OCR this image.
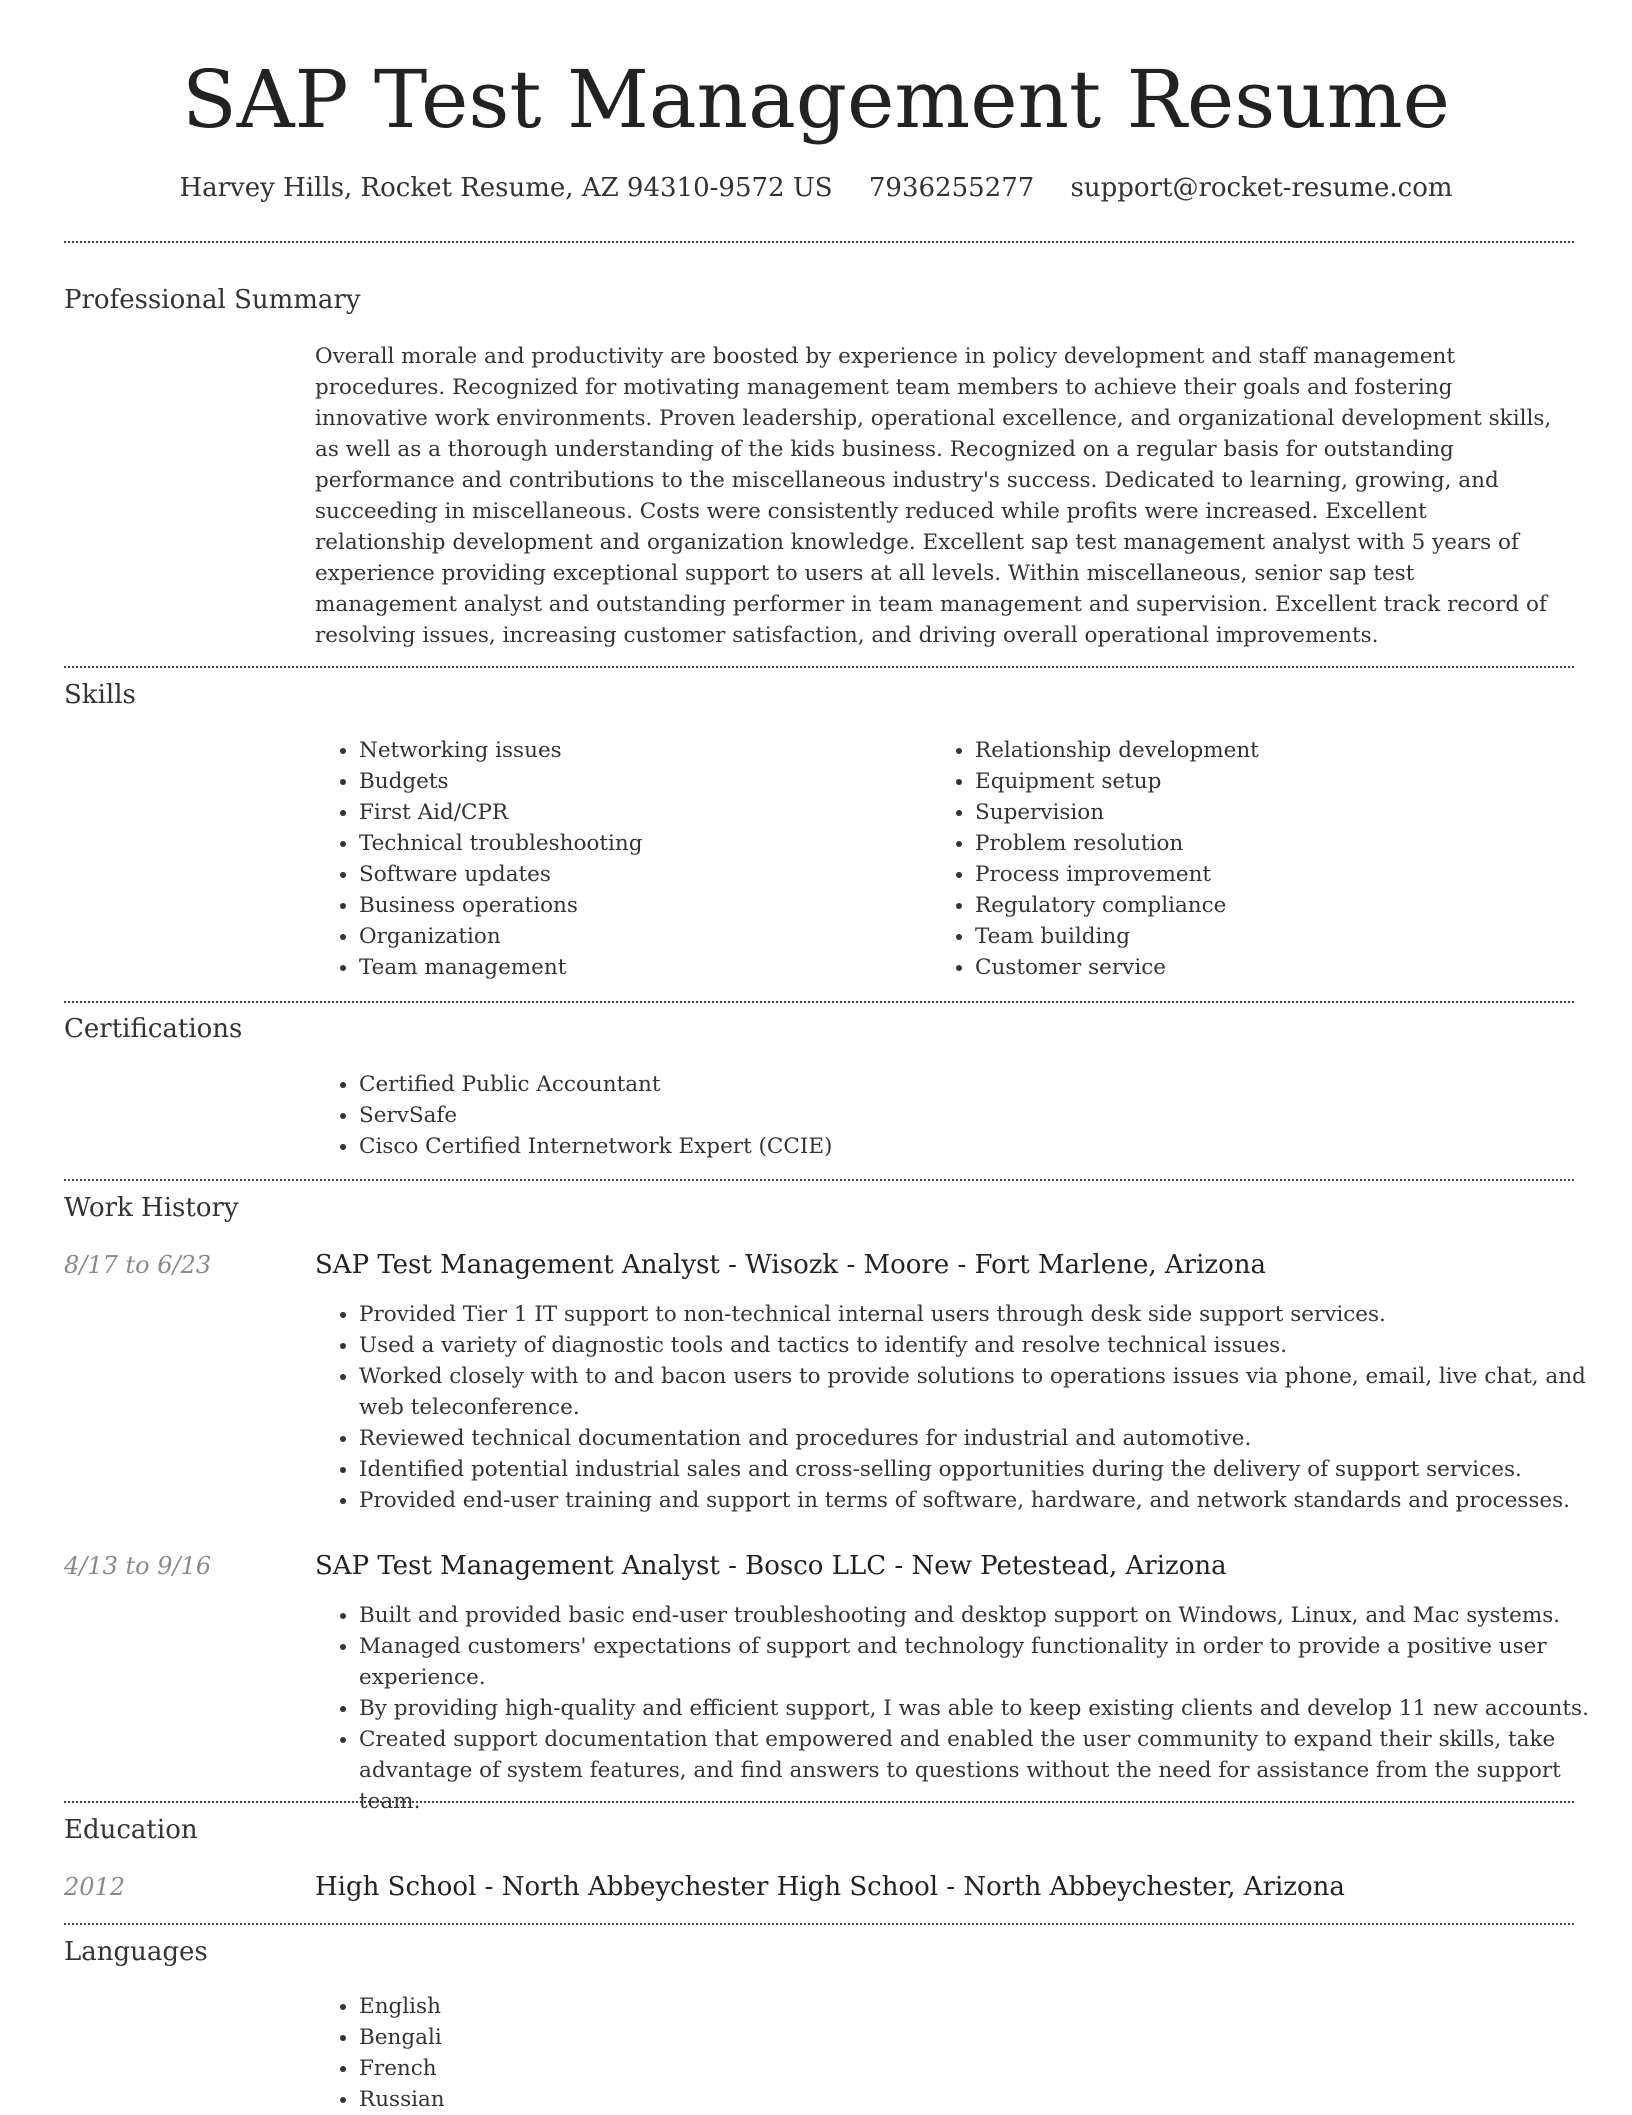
SAP Test Management Resume
Harvey Hills, Rocket Resume, AZ 94310-9572 US 7936255277 support@rocket-resume.com
Professional Summary

Overall morale and productivity are boosted by experience in policy development and staff management procedures. Recognized for motivating management team members to achieve their goals and fostering innovative work environments. Proven leadership, operational excellence, and organizational development skills, as well as a thorough understanding of the kids business. Recognized on a regular basis for outstanding performance and contributions to the miscellaneous industry's success. Dedicated to learning, growing, and succeeding in miscellaneous. Costs were consistently reduced while profits were increased. Excellent relationship development and organization knowledge. Excellent sap test management analyst with 5 years of experience providing exceptional support to users at all levels. Within miscellaneous, senior sap test management analyst and outstanding performer in team management and supervision. Excellent track record of resolving issues, increasing customer satisfaction, and driving overall operational improvements.

Skills
• Networking issues
• Budgets
• First Aid/CPR
• Technical troubleshooting
• Software updates
• Business operations
• Organization
• Team management
• Relationship development
• Equipment setup
• Supervision
• Problem resolution
• Process improvement
• Regulatory compliance
• Team building
• Customer service
Certifications
• Certified Public Accountant
• ServSafe
• Cisco Certified Internetwork Expert (CCIE)
Work History
8/17 to 6/23	SAP Test Management Analyst - Wisozk - Moore - Fort Marlene, Arizona
• Provided Tier 1 IT support to non-technical internal users through desk side support services.
• Used a variety of diagnostic tools and tactics to identify and resolve technical issues.
• Worked closely with to and bacon users to provide solutions to operations issues via phone, email, live chat, and web teleconference.
• Reviewed technical documentation and procedures for industrial and automotive.
• Identified potential industrial sales and cross-selling opportunities during the delivery of support services.
• Provided end-user training and support in terms of software, hardware, and network standards and processes.
4/13 to 9/16	SAP Test Management Analyst - Bosco LLC - New Petestead, Arizona
• Built and provided basic end-user troubleshooting and desktop support on Windows, Linux, and Mac systems.
• Managed customers' expectations of support and technology functionality in order to provide a positive user experience.
• By providing high-quality and efficient support, I was able to keep existing clients and develop 11 new accounts.
• Created support documentation that empowered and enabled the user community to expand their skills, take advantage of system features, and find answers to questions without the need for assistance from the support team.
Education
2012	High School - North Abbeychester High School - North Abbeychester, Arizona
Languages
• English
• Bengali
• French
• Russian
